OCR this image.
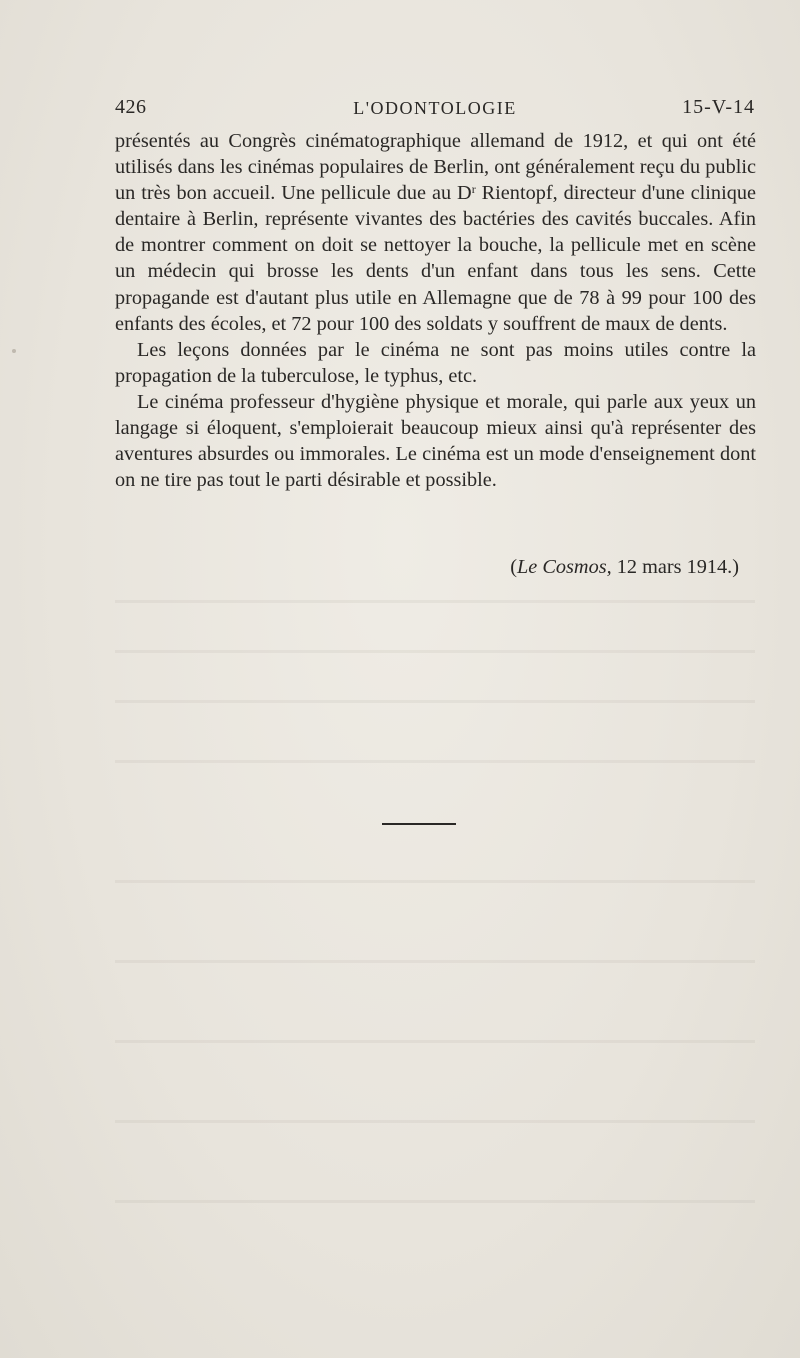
426	L'ODONTOLOGIE	15-V-14

présentés au Congrès cinématographique allemand de 1912, et qui ont été utilisés dans les cinémas populaires de Berlin, ont généralement reçu du public un très bon accueil. Une pellicule due au $D^r$ Rientopf, directeur d'une clinique dentaire à Berlin, représente vivantes des bactéries des cavités buccales. Afin de montrer comment on doit se nettoyer la bouche, la pellicule met en scène un médecin qui brosse les dents d'un enfant dans tous les sens. Cette propagande est d'autant plus utile en Allemagne que de 78 à 99 pour 100 des enfants des écoles, et 72 pour 100 des soldats y souffrent de maux de dents.

Les leçons données par le cinéma ne sont pas moins utiles contre la propagation de la tuberculose, le typhus, etc.

Le cinéma professeur d'hygiène physique et morale, qui parle aux yeux un langage si éloquent, s'emploierait beaucoup mieux ainsi qu'à représenter des aventures absurdes ou immorales. Le cinéma est un mode d'enseignement dont on ne tire pas tout le parti désirable et possible.

(Le Cosmos, 12 mars 1914.)
